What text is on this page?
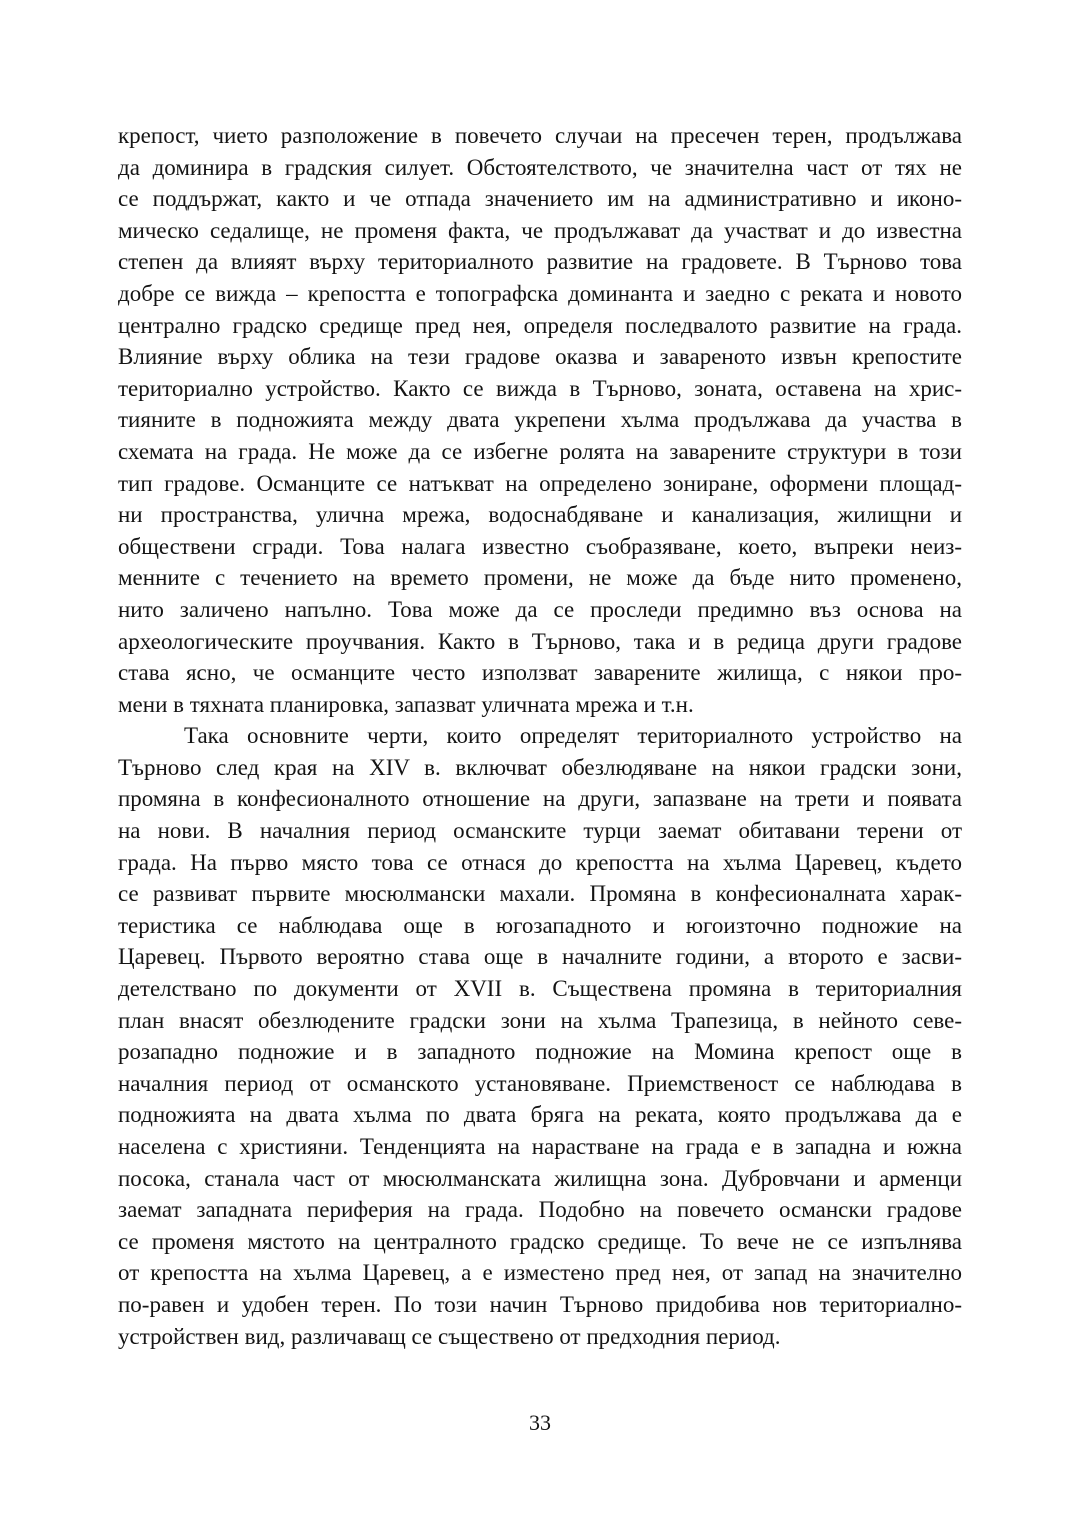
крепост, чието разположение в повечето случаи на пресечен терен, продължава
да доминира в градския силует. Обстоятелството, че значителна част от тях не
се поддържат, както и че отпада значението им на административно и иконо-
мическо седалище, не променя факта, че продължават да участват и до известна
степен да влияят върху териториалното развитие на градовете. В Търново това
добре се вижда – крепостта е топографска доминанта и заедно с реката и новото
централно градско средище пред нея, определя последвалото развитие на града.
Влияние върху облика на тези градове оказва и завареното извън крепостите
териториално устройство. Както се вижда в Търново, зоната, оставена на хрис-
тияните в подножията между двата укрепени хълма продължава да участва в
схемата на града. Не може да се избегне ролята на заварените структури в този
тип градове. Османците се натъкват на определено зониране, оформени площад-
ни пространства, улична мрежа, водоснабдяване и канализация, жилищни и
обществени сгради. Това налага известно съобразяване, което, въпреки неиз-
менните с течението на времето промени, не може да бъде нито променено,
нито заличено напълно. Това може да се проследи предимно въз основа на
археологическите проучвания. Както в Търново, така и в редица други градове
става ясно, че османците често използват заварените жилища, с някои про-
мени в тяхната планировка, запазват уличната мрежа и т.н.
Така основните черти, които определят териториалното устройство на
Търново след края на XIV в. включват обезлюдяване на някои градски зони,
промяна в конфесионалното отношение на други, запазване на трети и появата
на нови. В началния период османските турци заемат обитавани терени от
града. На първо място това се отнася до крепостта на хълма Царевец, където
се развиват първите мюсюлмански махали. Промяна в конфесионалната харак-
теристика се наблюдава още в югозападното и югоизточно подножие на
Царевец. Първото вероятно става още в началните години, а второто е засви-
детелствано по документи от XVII в. Съществена промяна в териториалния
план внасят обезлюдените градски зони на хълма Трапезица, в нейното севе-
розападно подножие и в западното подножие на Момина крепост още в
началния период от османското установяване. Приемственост се наблюдава в
подножията на двата хълма по двата бряга на реката, която продължава да е
населена с християни. Тенденцията на нарастване на града е в западна и южна
посока, станала част от мюсюлманската жилищна зона. Дубровчани и арменци
заемат западната периферия на града. Подобно на повечето османски градове
се променя мястото на централното градско средище. То вече не се изпълнява
от крепостта на хълма Царевец, а е изместено пред нея, от запад на значително
по-равен и удобен терен. По този начин Търново придобива нов териториално-
устройствен вид, различаващ се съществено от предходния период.
33
